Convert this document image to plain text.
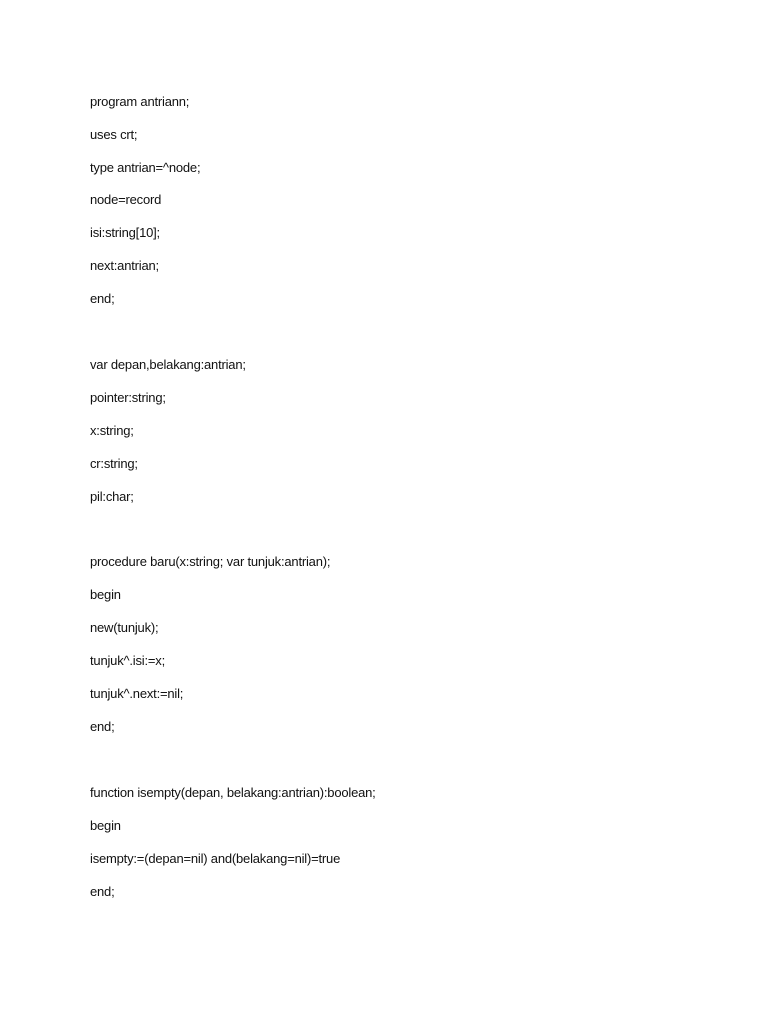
program antriann;
uses crt;
type antrian=^node;
node=record
isi:string[10];
next:antrian;
end;
var depan,belakang:antrian;
pointer:string;
x:string;
cr:string;
pil:char;
procedure baru(x:string; var tunjuk:antrian);
begin
new(tunjuk);
tunjuk^.isi:=x;
tunjuk^.next:=nil;
end;
function isempty(depan, belakang:antrian):boolean;
begin
isempty:=(depan=nil) and(belakang=nil)=true
end;
